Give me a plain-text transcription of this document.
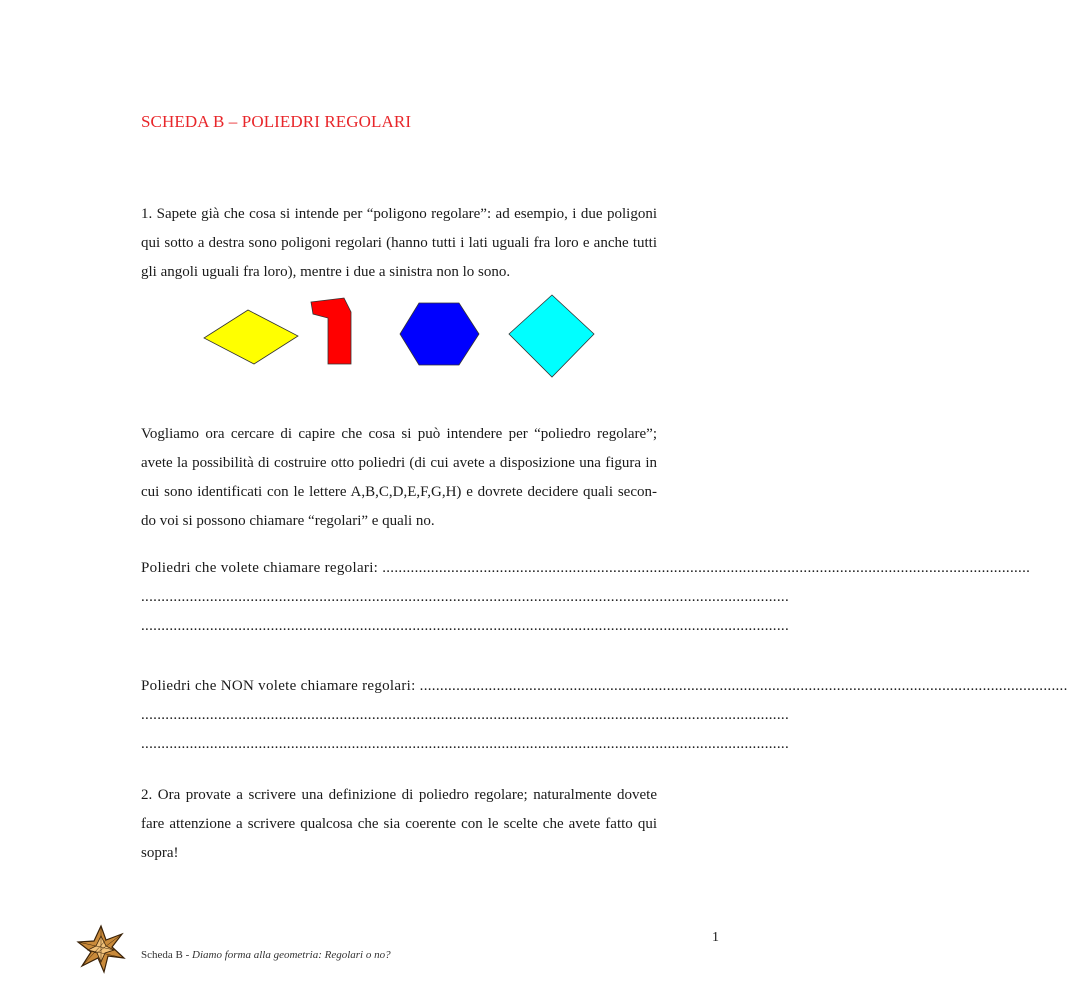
SCHEDA B – POLIEDRI REGOLARI
1. Sapete già che cosa si intende per “poligono regolare”: ad esempio, i due poligoni
qui sotto a destra sono poligoni regolari (hanno tutti i lati uguali fra loro e anche tutti
gli angoli uguali fra loro), mentre i due a sinistra non lo sono.
Vogliamo ora cercare di capire che cosa si può intendere per “poliedro regolare”;
avete la possibilità di costruire otto poliedri (di cui avete a disposizione una figura in
cui sono identificati con le lettere A,B,C,D,E,F,G,H) e dovrete decidere quali secon-
do voi si possono chiamare “regolari” e quali no.
Poliedri che volete chiamare regolari: ................................................................................................................................................................
................................................................................................................................................................
................................................................................................................................................................
Poliedri che NON volete chiamare regolari: ................................................................................................................................................................
................................................................................................................................................................
................................................................................................................................................................
2. Ora provate a scrivere una definizione di poliedro regolare; naturalmente dovete
fare attenzione a scrivere qualcosa che sia coerente con le scelte che avete fatto qui
sopra!
Scheda B - Diamo forma alla geometria: Regolari o no?
1
